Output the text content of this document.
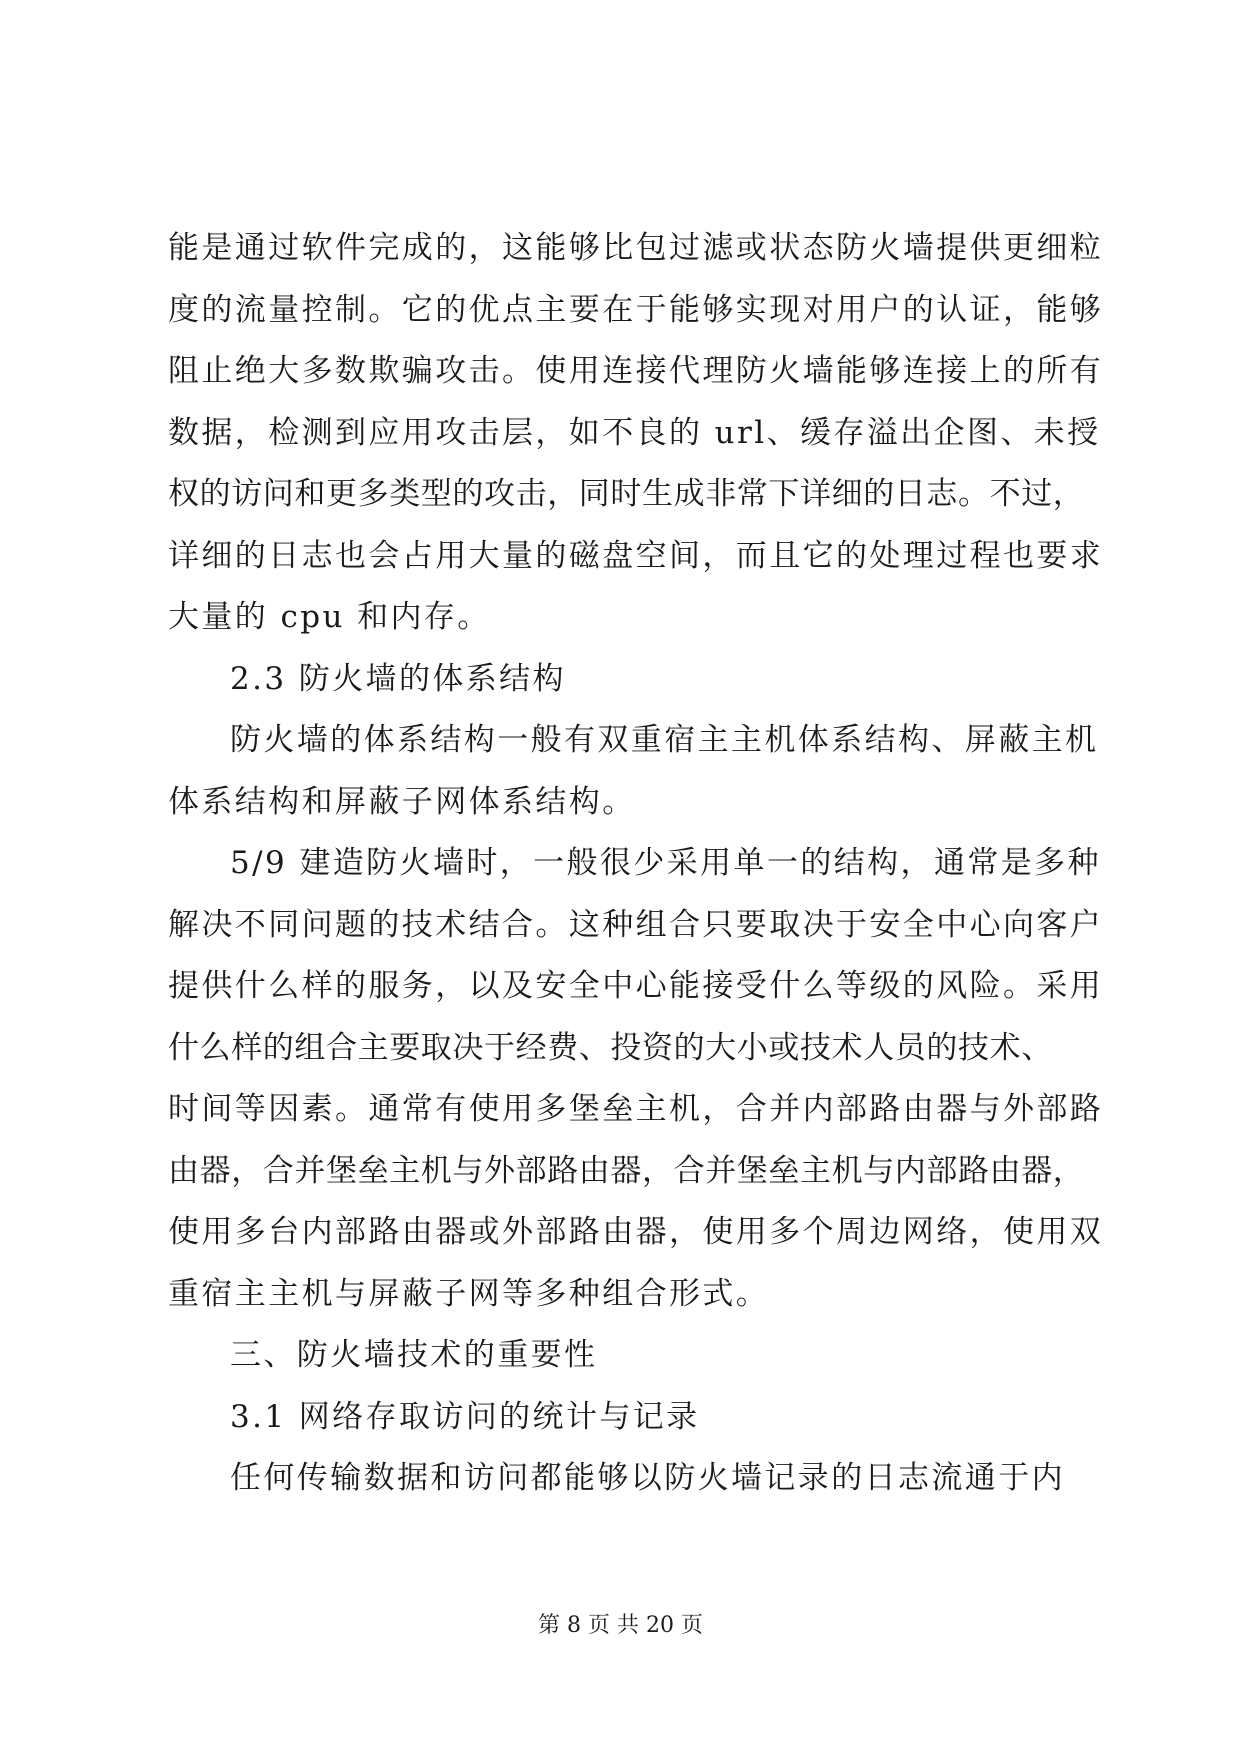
能是通过软件完成的，这能够比包过滤或状态防火墙提供更细粒
度的流量控制。它的优点主要在于能够实现对用户的认证，能够
阻止绝大多数欺骗攻击。使用连接代理防火墙能够连接上的所有
数据，检测到应用攻击层，如不良的 url、缓存溢出企图、未授
权的访问和更多类型的攻击，同时生成非常下详细的日志。不过，
详细的日志也会占用大量的磁盘空间，而且它的处理过程也要求
大量的 cpu 和内存。
2.3 防火墙的体系结构
防火墙的体系结构一般有双重宿主主机体系结构、屏蔽主机
体系结构和屏蔽子网体系结构。
5/9 建造防火墙时，一般很少采用单一的结构，通常是多种
解决不同问题的技术结合。这种组合只要取决于安全中心向客户
提供什么样的服务，以及安全中心能接受什么等级的风险。采用
什么样的组合主要取决于经费、投资的大小或技术人员的技术、
时间等因素。通常有使用多堡垒主机，合并内部路由器与外部路
由器，合并堡垒主机与外部路由器，合并堡垒主机与内部路由器，
使用多台内部路由器或外部路由器，使用多个周边网络，使用双
重宿主主机与屏蔽子网等多种组合形式。
三、防火墙技术的重要性
3.1 网络存取访问的统计与记录
任何传输数据和访问都能够以防火墙记录的日志流通于内
第 8 页 共 20 页
